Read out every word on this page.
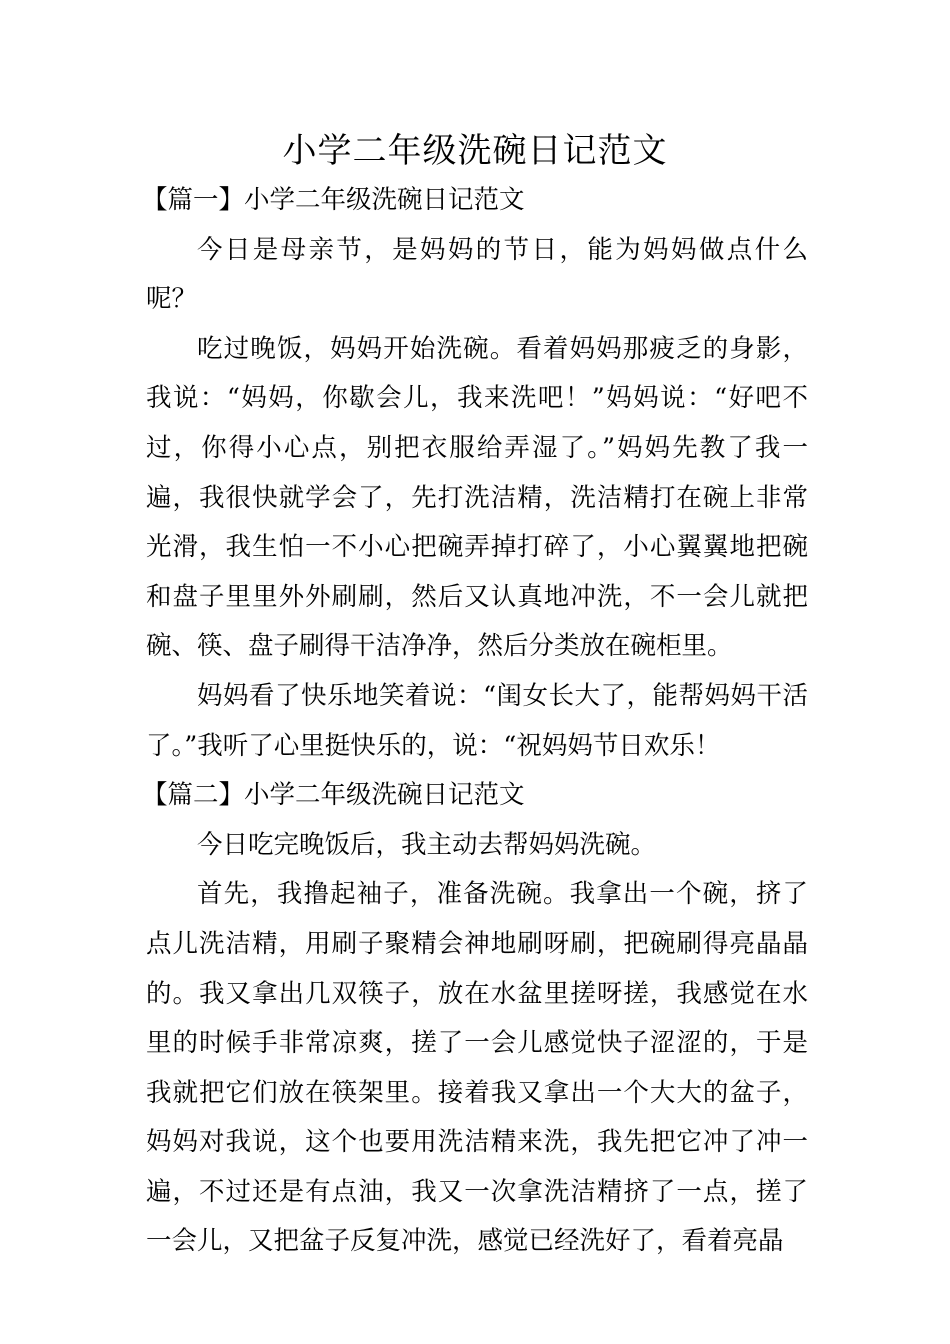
小学二年级洗碗日记范文

【篇一】小学二年级洗碗日记范文

今日是母亲节，是妈妈的节日，能为妈妈做点什么呢？

吃过晚饭，妈妈开始洗碗。看着妈妈那疲乏的身影，我说：“妈妈，你歇会儿，我来洗吧！”妈妈说：“好吧不过，你得小心点，别把衣服给弄湿了。”妈妈先教了我一遍，我很快就学会了，先打洗洁精，洗洁精打在碗上非常光滑，我生怕一不小心把碗弄掉打碎了，小心翼翼地把碗和盘子里里外外刷刷，然后又认真地冲洗，不一会儿就把碗、筷、盘子刷得干洁净净，然后分类放在碗柜里。

妈妈看了快乐地笑着说：“闺女长大了，能帮妈妈干活了。”我听了心里挺快乐的，说：“祝妈妈节日欢乐！

【篇二】小学二年级洗碗日记范文

今日吃完晚饭后，我主动去帮妈妈洗碗。

首先，我撸起袖子，准备洗碗。我拿出一个碗，挤了点儿洗洁精，用刷子聚精会神地刷呀刷，把碗刷得亮晶晶的。我又拿出几双筷子，放在水盆里搓呀搓，我感觉在水里的时候手非常凉爽，搓了一会儿感觉快子涩涩的，于是我就把它们放在筷架里。接着我又拿出一个大大的盆子，妈妈对我说，这个也要用洗洁精来洗，我先把它冲了冲一遍，不过还是有点油，我又一次拿洗洁精挤了一点，搓了一会儿，又把盆子反复冲洗，感觉已经洗好了，看着亮晶
